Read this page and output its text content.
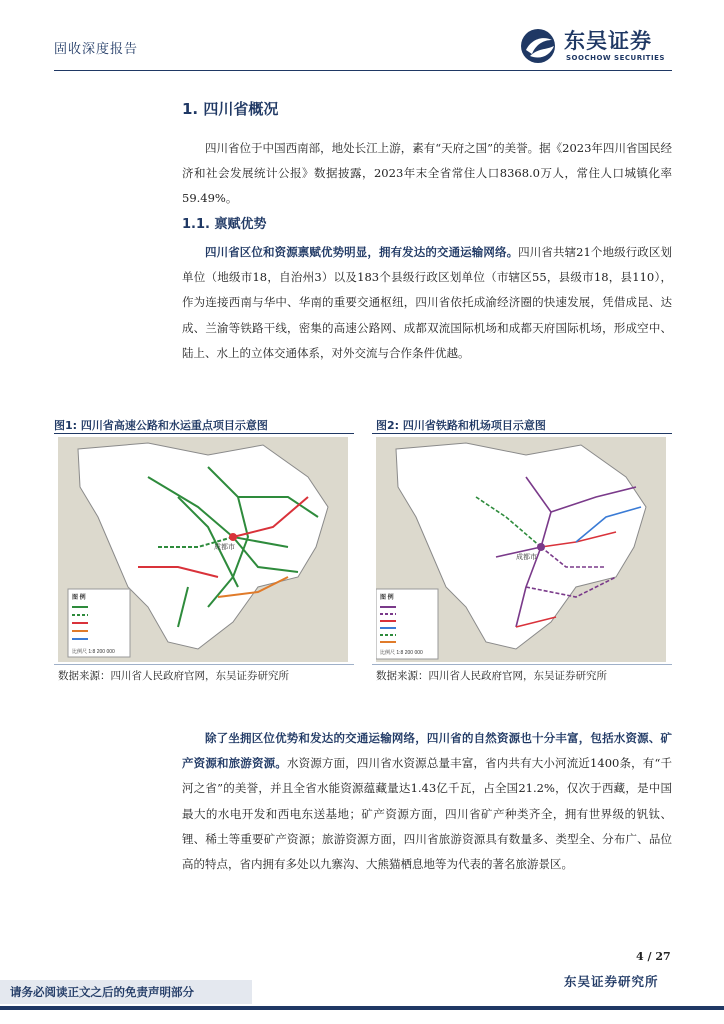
固收深度报告	东吴证券
SOOCHOW SECURITIES
1. 四川省概况
四川省位于中国西南部，地处长江上游，素有“天府之国”的美誉。据《2023年四川省国民经济和社会发展统计公报》数据披露，2023年末全省常住人口8368.0万人，常住人口城镇化率59.49%。
1.1. 禀赋优势
四川省区位和资源禀赋优势明显，拥有发达的交通运输网络。四川省共辖21个地级行政区划单位（地级市18，自治州3）以及183个县级行政区划单位（市辖区55，县级市18，县110），作为连接西南与华中、华南的重要交通枢纽，四川省依托成渝经济圈的快速发展，凭借成昆、达成、兰渝等铁路干线，密集的高速公路网、成都双流国际机场和成都天府国际机场，形成空中、陆上、水上的立体交通体系，对外交流与合作条件优越。
图1: 四川省高速公路和水运重点项目示意图
成都市
图 例
比例尺 1:8 200 000
数据来源：四川省人民政府官网，东吴证券研究所
图2: 四川省铁路和机场项目示意图
成都市
图 例
比例尺 1:8 200 000
数据来源：四川省人民政府官网，东吴证券研究所
除了坐拥区位优势和发达的交通运输网络，四川省的自然资源也十分丰富，包括水资源、矿产资源和旅游资源。水资源方面，四川省水资源总量丰富，省内共有大小河流近1400条，有“千河之省”的美誉，并且全省水能资源蕴藏量达1.43亿千瓦，占全国21.2%，仅次于西藏，是中国最大的水电开发和西电东送基地；矿产资源方面，四川省矿产种类齐全，拥有世界级的钒钛、锂、稀土等重要矿产资源；旅游资源方面，四川省旅游资源具有数量多、类型全、分布广、品位高的特点，省内拥有多处以九寨沟、大熊猫栖息地等为代表的著名旅游景区。
4 / 27
东吴证券研究所
请务必阅读正文之后的免责声明部分
